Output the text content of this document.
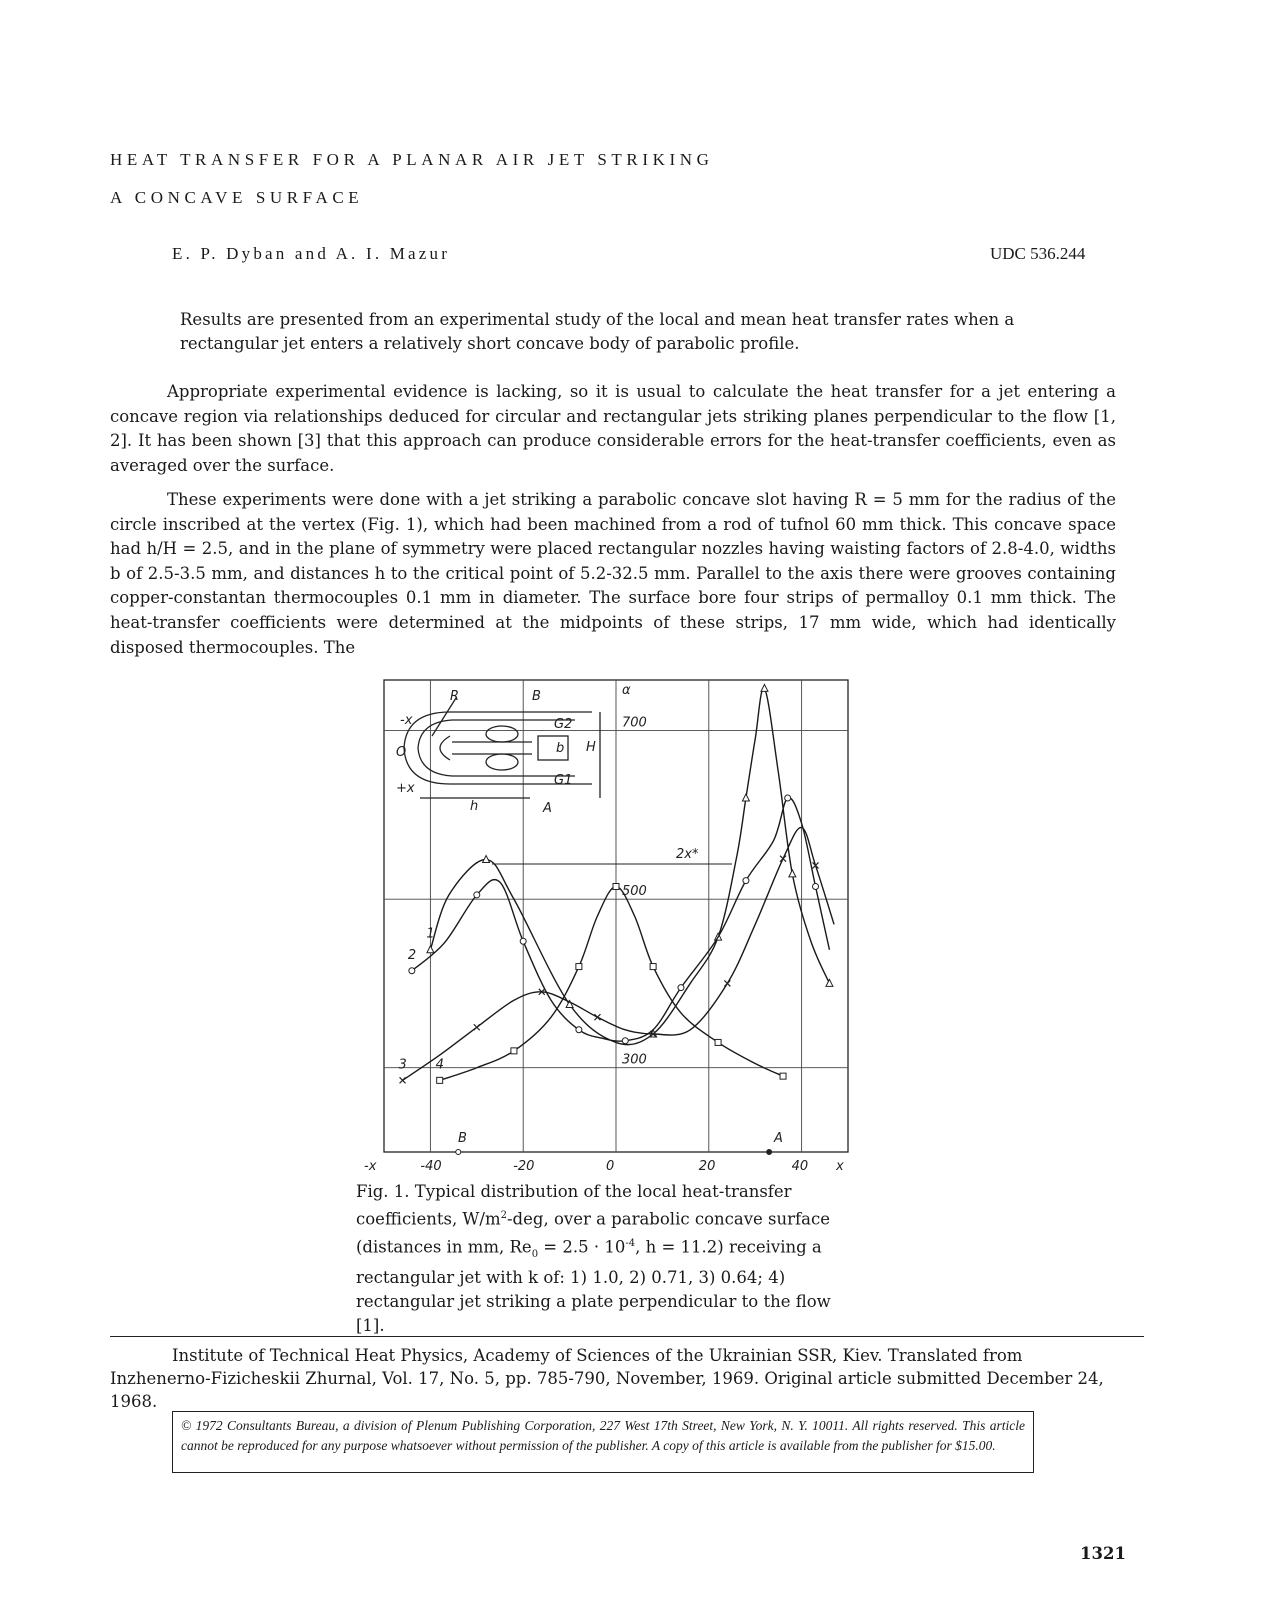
HEAT TRANSFER FOR A PLANAR AIR JET STRIKING
A CONCAVE SURFACE
E. P. Dyban and A. I. Mazur	UDC 536.244

Results are presented from an experimental study of the local and mean heat transfer rates when a rectangular jet enters a relatively short concave body of parabolic profile.

Appropriate experimental evidence is lacking, so it is usual to calculate the heat transfer for a jet entering a concave region via relationships deduced for circular and rectangular jets striking planes perpendicular to the flow [1, 2]. It has been shown [3] that this approach can produce considerable errors for the heat-transfer coefficients, even as averaged over the surface.

These experiments were done with a jet striking a parabolic concave slot having R = 5 mm for the radius of the circle inscribed at the vertex (Fig. 1), which had been machined from a rod of tufnol 60 mm thick. This concave space had h/H = 2.5, and in the plane of symmetry were placed rectangular nozzles having waisting factors of 2.8-4.0, widths b of 2.5-3.5 mm, and distances h to the critical point of 5.2-32.5 mm. Parallel to the axis there were grooves containing copper-constantan thermocouples 0.1 mm in diameter. The surface bore four strips of permalloy 0.1 mm thick. The heat-transfer coefficients were determined at the midpoints of these strips, 17 mm wide, which had identically disposed thermocouples. The

-40	-20	0	20	40
300
500
700
x
-x
α
1
2
3 4
R	B
A
h
H
b
G2
G1
O
-x
+x
2x*
B	A
Fig. 1. Typical distribution of the local heat-transfer coefficients, $W/m^2$-deg, over a parabolic concave surface (distances in mm, $Re_0 = 2.5 \cdot 10^{-4}$, h = 11.2) receiving a rectangular jet with k of: 1) 1.0, 2) 0.71, 3) 0.64; 4) rectangular jet striking a plate perpendicular to the flow [1].

Institute of Technical Heat Physics, Academy of Sciences of the Ukrainian SSR, Kiev. Translated from Inzhenerno-Fizicheskii Zhurnal, Vol. 17, No. 5, pp. 785-790, November, 1969. Original article submitted December 24, 1968.

© 1972 Consultants Bureau, a division of Plenum Publishing Corporation, 227 West 17th Street, New York, N. Y. 10011. All rights reserved. This article cannot be reproduced for any purpose whatsoever without permission of the publisher. A copy of this article is available from the publisher for $15.00.
1321
